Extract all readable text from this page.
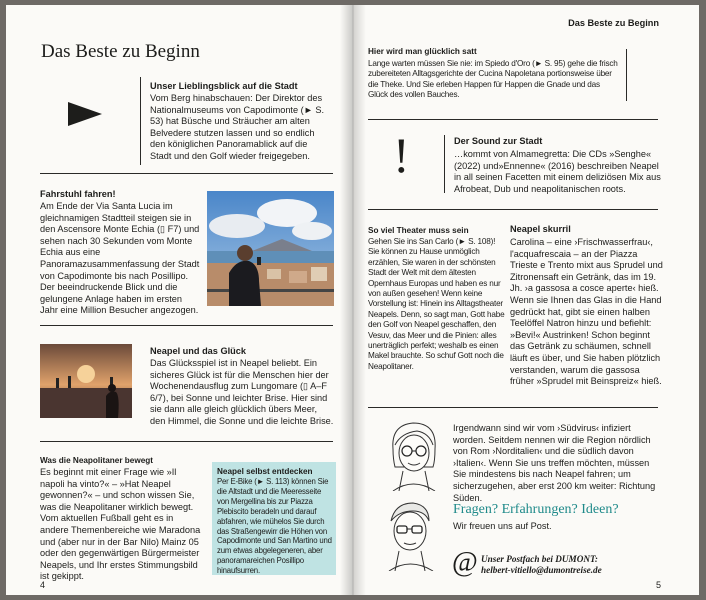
Das Beste zu Beginn
Unser Lieblingsblick auf die Stadt
Vom Berg hinabschauen: Der Direktor des Nationalmuseums von Capodimonte (► S. 53) hat Büsche und Sträucher am alten Belvedere stutzen lassen und so endlich den königlichen Panoramablick auf die Stadt und den Golf wieder freigegeben.
Fahrstuhl fahren!
Am Ende der Via Santa Lucia im gleichnamigen Stadtteil steigen sie in den Ascensore Monte Echia (▯ F7) und sehen nach 30 Sekunden vom Monte Echia aus eine Panoramazusammenfassung der Stadt von Capodimonte bis nach Posillipo. Der beeindruckende Blick und die gelungene Anlage haben im ersten Jahr eine Million Besucher angezogen.
Neapel und das Glück
Das Glücksspiel ist in Neapel beliebt. Ein sicheres Glück ist für die Menschen hier der Wochenendausflug zum Lungomare (▯ A–F 6/7), bei Sonne und leichter Brise. Hier sind sie dann alle gleich glücklich übers Meer, den Himmel, die Sonne und die leichte Brise.
Was die Neapolitaner bewegt
Es beginnt mit einer Frage wie »Il napoli ha vinto?« – »Hat Neapel gewonnen?« – und schon wissen Sie, was die Neapolitaner wirklich bewegt. Vom aktuellen Fußball geht es in andere Themenbereiche wie Maradona und (aber nur in der Bar Nilo) Mainz 05 oder den gegenwärtigen Bürgermeister Neapels, und Ihr erstes Stimmungsbild ist gekippt.
Neapel selbst entdecken
Per E-Bike (► S. 113) können Sie die Altstadt und die Meeresseite von Mergellina bis zur Piazza Plebiscito beradeln und darauf abfahren, wie mühelos Sie durch das Straßengewirr die Höhen von Capodimonte und San Martino und zum etwas abgelegeneren, aber panoramareichen Posillipo hinaufsurren.
4
Das Beste zu Beginn
Hier wird man glücklich satt
Lange warten müssen Sie nie: im Spiedo d'Oro (► S. 95) gehe die frisch zubereiteten Alltagsgerichte der Cucina Napoletana portionsweise über die Theke. Und Sie erleben Happen für Happen die Gnade und das Glück des vollen Bauches.
!	Der Sound zur Stadt
…kommt von Almamegretta: Die CDs »Senghe« (2022) und»Ennenne« (2016) beschreiben Neapel in all seinen Facetten mit einem deliziösen Mix aus Afrobeat, Dub und neapolitanischen roots.
So viel Theater muss sein
Gehen Sie ins San Carlo (► S. 108)! Sie können zu Hause unmöglich erzählen, Sie waren in der schönsten Stadt der Welt mit dem ältesten Opernhaus Europas und haben es nur von außen gesehen! Wenn keine Vorstellung ist: Hinein ins Alltagstheater Neapels. Denn, so sagt man, Gott habe den Golf von Neapel geschaffen, den Vesuv, das Meer und die Pinien: alles unerträglich perfekt; weshalb es einen Makel brauchte. So schuf Gott noch die Neapolitaner.
Neapel skurril
Carolina – eine ›Frischwasserfrau‹, l'acquafrescaia – an der Piazza Trieste e Trento mixt aus Sprudel und Zitronensaft ein Getränk, das im 19. Jh. ›a gassosa a cosce aperte‹ hieß. Wenn sie Ihnen das Glas in die Hand gedrückt hat, gibt sie einen halben Teelöffel Natron hinzu und befiehlt: »Bevi!« Austrinken! Schon beginnt das Getränk zu schäumen, schnell läuft es über, und Sie haben plötzlich verstanden, warum die gassosa früher »Sprudel mit Beinspreiz« hieß.
Irgendwann sind wir vom ›Südvirus‹ infiziert worden. Seitdem nennen wir die Region nördlich von Rom ›Norditalien‹ und die südlich davon ›Italien‹. Wenn Sie uns treffen möchten, müssen Sie mindestens bis nach Neapel fahren; um sicherzugehen, aber erst 200 km weiter: Richtung Süden.
Fragen? Erfahrungen? Ideen?
Wir freuen uns auf Post.
@ Unser Postfach bei DUMONT:
helbert-vitiello@dumontreise.de
5
